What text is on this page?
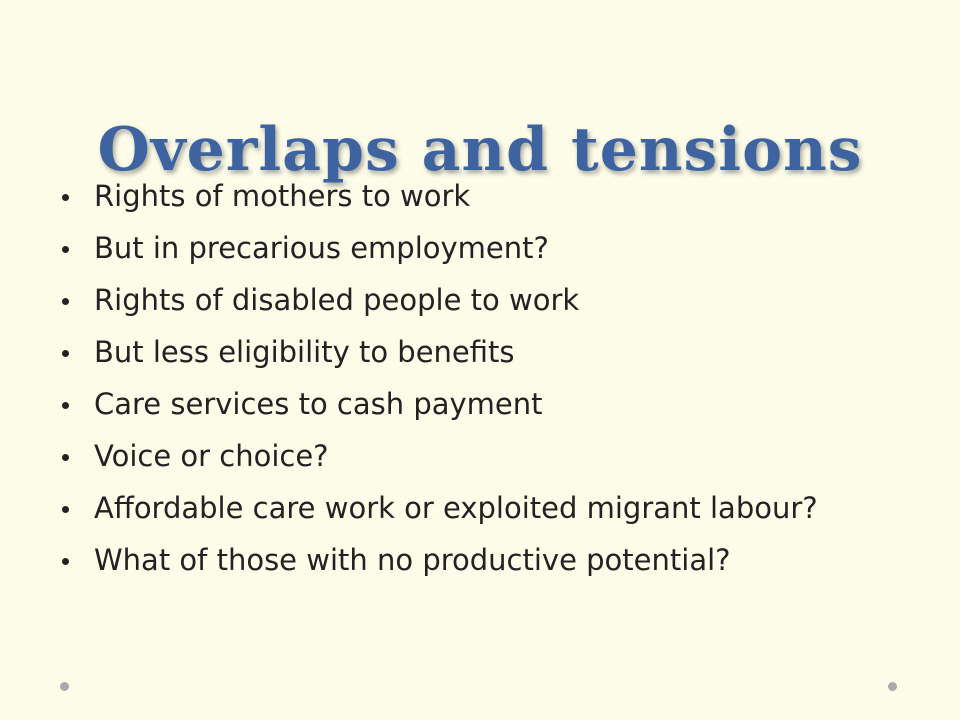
Overlaps and tensions
Rights of mothers to work
But in precarious employment?
Rights of disabled people to work
But less eligibility to benefits
Care services to cash payment
Voice or choice?
Affordable care work or exploited migrant labour?
What of those with no productive potential?
